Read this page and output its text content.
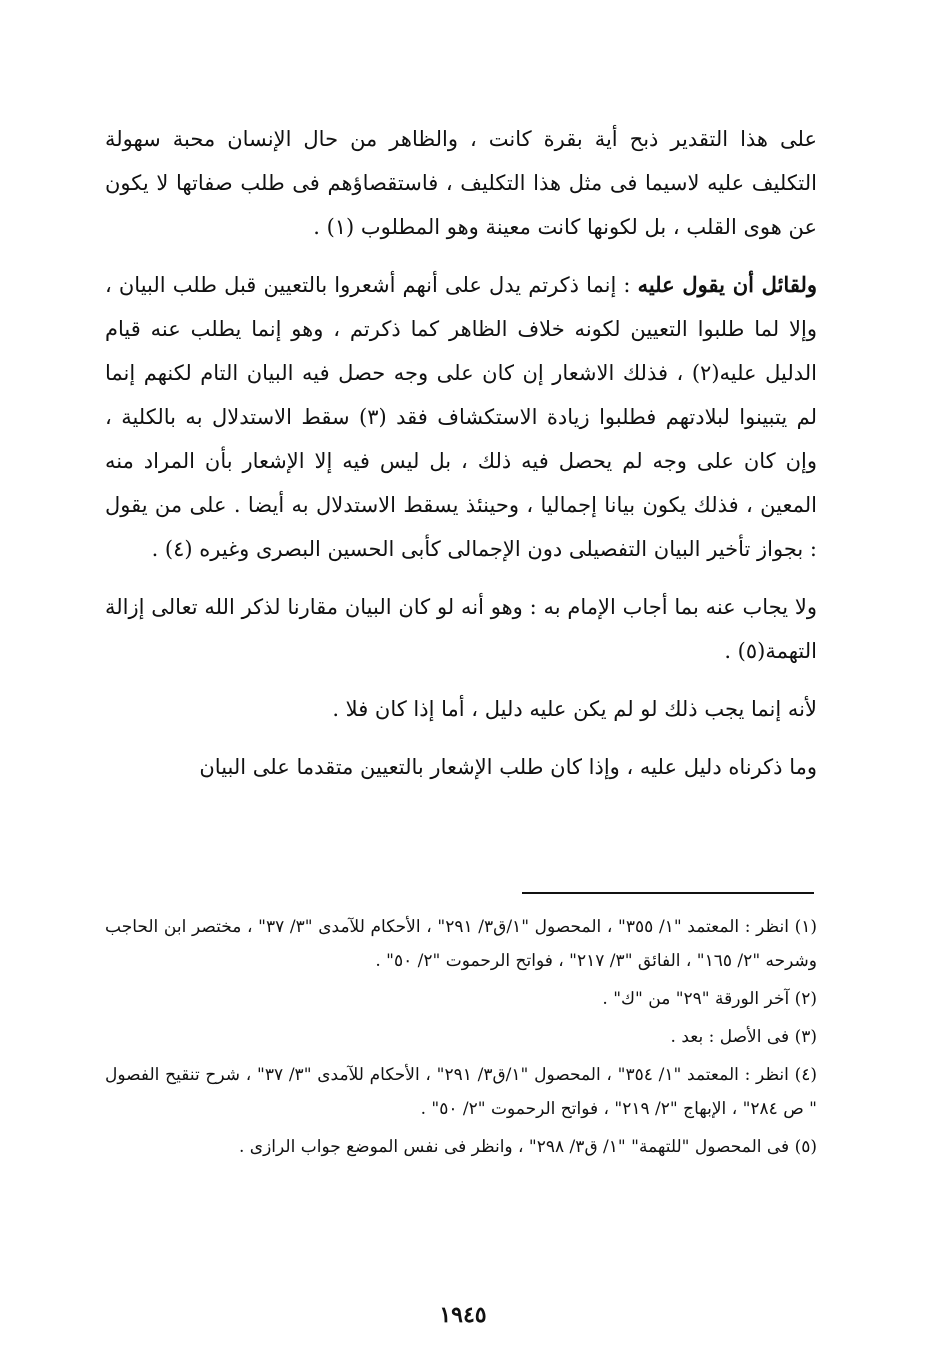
على هذا التقدير ذبح أية بقرة كانت ، والظاهر من حال الإنسان محبة سهولة التكليف عليه لاسيما فى مثل هذا التكليف ، فاستقصاؤهم فى طلب صفاتها لا يكون عن هوى القلب ، بل لكونها كانت معينة وهو المطلوب (١) .

ولقائل أن يقول عليه : إنما ذكرتم يدل على أنهم أشعروا بالتعيين قبل طلب البيان ، وإلا لما طلبوا التعيين لكونه خلاف الظاهر كما ذكرتم ، وهو إنما يطلب عنه قيام الدليل عليه(٢) ، فذلك الاشعار إن كان على وجه حصل فيه البيان التام لكنهم إنما لم يتبينوا لبلادتهم فطلبوا زيادة الاستكشاف فقد (٣) سقط الاستدلال به بالكلية ، وإن كان على وجه لم يحصل فيه ذلك ، بل ليس فيه إلا الإشعار بأن المراد منه المعين ، فذلك يكون بيانا إجماليا ، وحينئذ يسقط الاستدلال به أيضا . على من يقول : بجواز تأخير البيان التفصيلى دون الإجمالى كأبى الحسين البصرى وغيره (٤) .

ولا يجاب عنه بما أجاب الإمام به : وهو أنه لو كان البيان مقارنا لذكر الله تعالى إزالة التهمة(٥) .

لأنه إنما يجب ذلك لو لم يكن عليه دليل ، أما إذا كان فلا .

وما ذكرناه دليل عليه ، وإذا كان طلب الإشعار بالتعيين متقدما على البيان

(١) انظر : المعتمد "١/ ٣٥٥" ، المحصول "١/ق٣/ ٢٩١" ، الأحكام للآمدى "٣/ ٣٧" ، مختصر ابن الحاجب وشرحه "٢/ ١٦٥" ، الفائق "٣/ ٢١٧" ، فواتح الرحموت "٢/ ٥٠" .

(٢) آخر الورقة "٢٩" من "ك" .

(٣) فى الأصل : بعد .

(٤) انظر : المعتمد "١/ ٣٥٤" ، المحصول "١/ق٣/ ٢٩١" ، الأحكام للآمدى "٣/ ٣٧" ، شرح تنقيح الفصول " ص ٢٨٤" ، الإبهاج "٢/ ٢١٩" ، فواتح الرحموت "٢/ ٥٠" .

(٥) فى المحصول "للتهمة" "١/ ق٣/ ٢٩٨" ، وانظر فى نفس الموضع جواب الرازى .

١٩٤٥
